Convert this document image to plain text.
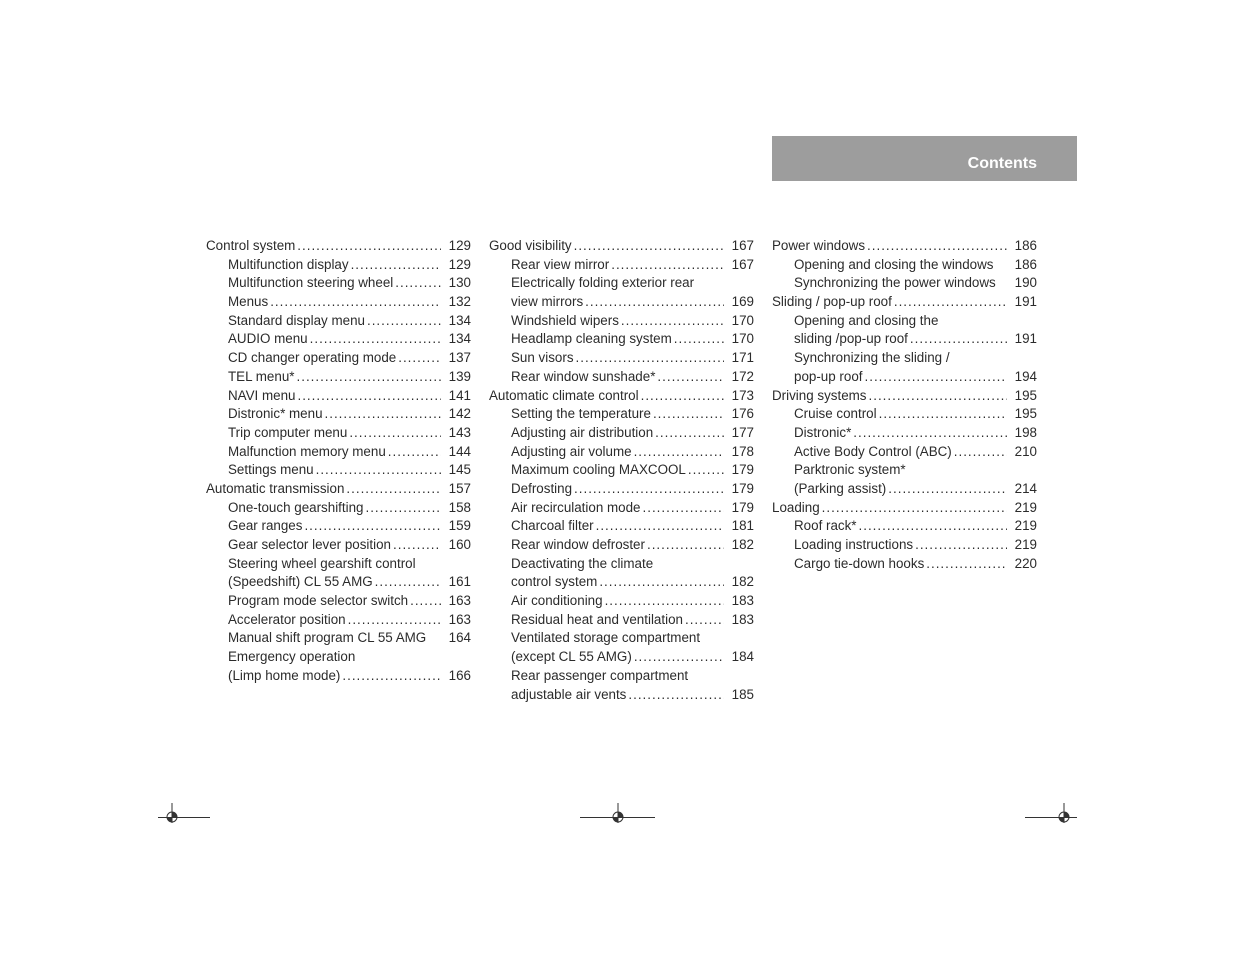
Contents
Control system .....	129
Multifunction display .....	129
Multifunction steering wheel .....	130
Menus .....	132
Standard display menu .....	134
AUDIO menu .....	134
CD changer operating mode .....	137
TEL menu* .....	139
NAVI menu .....	141
Distronic* menu .....	142
Trip computer menu .....	143
Malfunction memory menu .....	144
Settings menu .....	145
Automatic transmission .....	157
One-touch gearshifting .....	158
Gear ranges .....	159
Gear selector lever position .....	160
Steering wheel gearshift control
(Speedshift) CL 55 AMG .....	161
Program mode selector switch .....	163
Accelerator position .....	163
Manual shift program CL 55 AMG	164
Emergency operation
(Limp home mode) .....	166
Good visibility .....	167
Rear view mirror .....	167
Electrically folding exterior rear
view mirrors .....	169
Windshield wipers .....	170
Headlamp cleaning system .....	170
Sun visors .....	171
Rear window sunshade* .....	172
Automatic climate control .....	173
Setting the temperature .....	176
Adjusting air distribution .....	177
Adjusting air volume .....	178
Maximum cooling MAXCOOL .....	179
Defrosting .....	179
Air recirculation mode .....	179
Charcoal filter .....	181
Rear window defroster .....	182
Deactivating the climate
control system .....	182
Air conditioning .....	183
Residual heat and ventilation .....	183
Ventilated storage compartment
(except CL 55 AMG) .....	184
Rear passenger compartment
adjustable air vents .....	185
Power windows .....	186
Opening and closing the windows	186
Synchronizing the power windows	190
Sliding / pop-up roof .....	191
Opening and closing the
sliding /pop-up roof .....	191
Synchronizing the sliding /
pop-up roof .....	194
Driving systems .....	195
Cruise control .....	195
Distronic* .....	198
Active Body Control (ABC) .....	210
Parktronic system*
(Parking assist) .....	214
Loading .....	219
Roof rack* .....	219
Loading instructions .....	219
Cargo tie-down hooks .....	220
